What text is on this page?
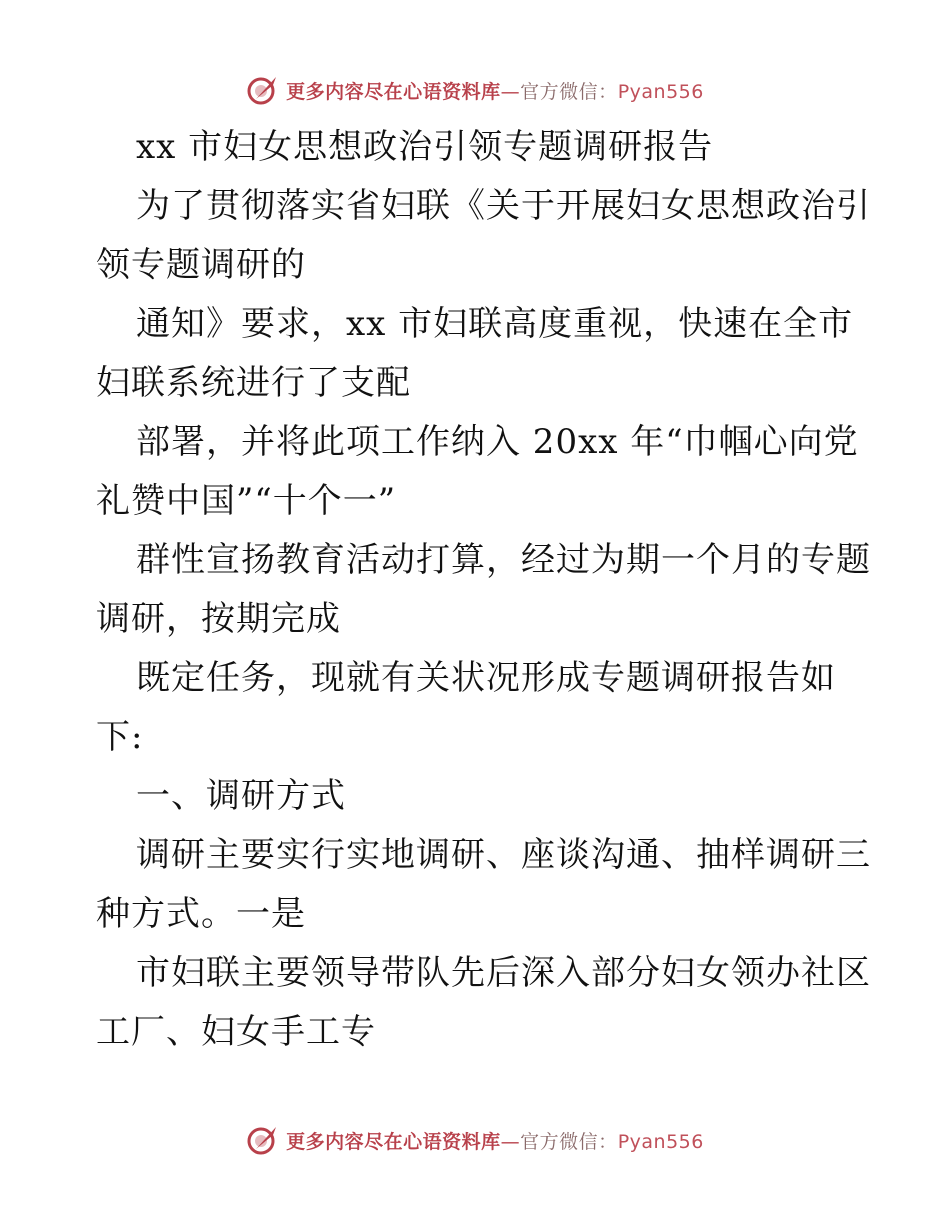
更多内容尽在心语资料库—官方微信：Pyan556
xx 市妇女思想政治引领专题调研报告
为了贯彻落实省妇联《关于开展妇女思想政治引
领专题调研的
通知》要求，xx 市妇联高度重视，快速在全市
妇联系统进行了支配
部署，并将此项工作纳入 20xx 年“巾帼心向党
礼赞中国”“十个一”
群性宣扬教育活动打算，经过为期一个月的专题
调研，按期完成
既定任务，现就有关状况形成专题调研报告如
下:
一、调研方式
调研主要实行实地调研、座谈沟通、抽样调研三
种方式。一是
市妇联主要领导带队先后深入部分妇女领办社区
工厂、妇女手工专
更多内容尽在心语资料库—官方微信：Pyan556
